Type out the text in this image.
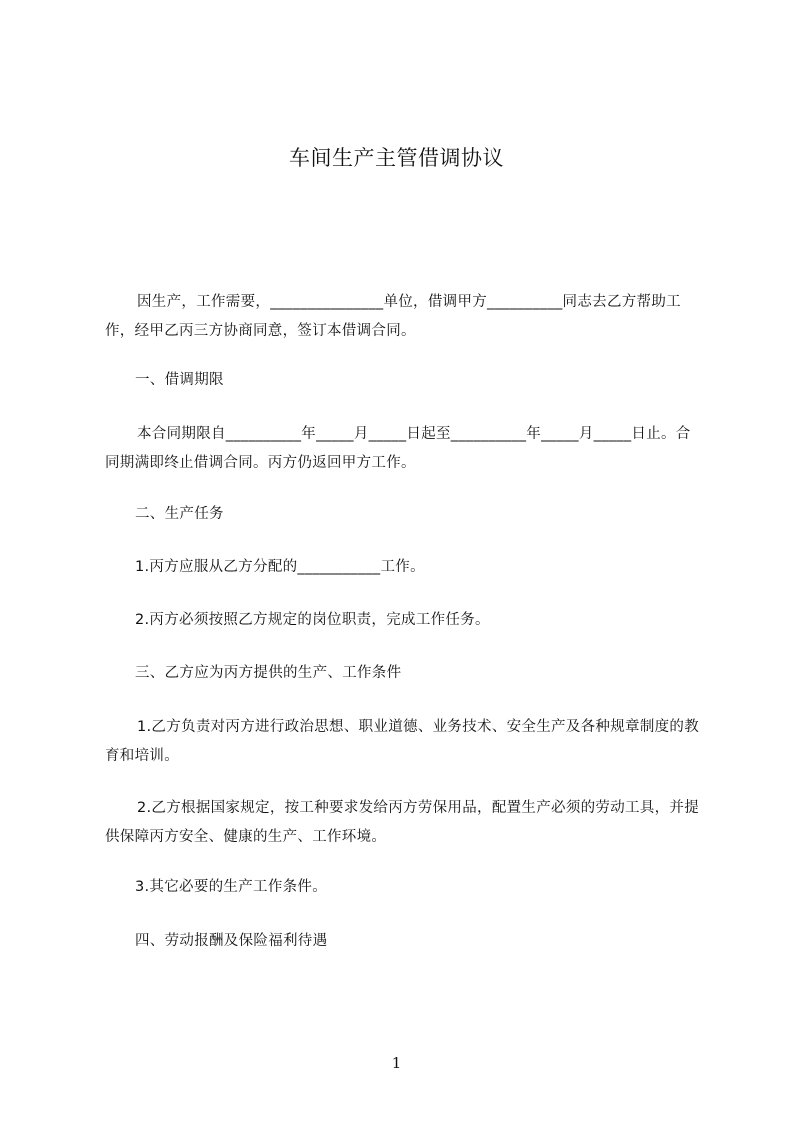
车间生产主管借调协议

因生产，工作需要，_______________单位，借调甲方__________同志去乙方帮助工作，经甲乙丙三方协商同意，签订本借调合同。

一、借调期限

本合同期限自__________年_____月_____日起至__________年_____月_____日止。合同期满即终止借调合同。丙方仍返回甲方工作。

二、生产任务

1.丙方应服从乙方分配的___________工作。

2.丙方必须按照乙方规定的岗位职责，完成工作任务。

三、乙方应为丙方提供的生产、工作条件

1.乙方负责对丙方进行政治思想、职业道德、业务技术、安全生产及各种规章制度的教育和培训。

2.乙方根据国家规定，按工种要求发给丙方劳保用品，配置生产必须的劳动工具，并提供保障丙方安全、健康的生产、工作环境。

3.其它必要的生产工作条件。

四、劳动报酬及保险福利待遇

1
